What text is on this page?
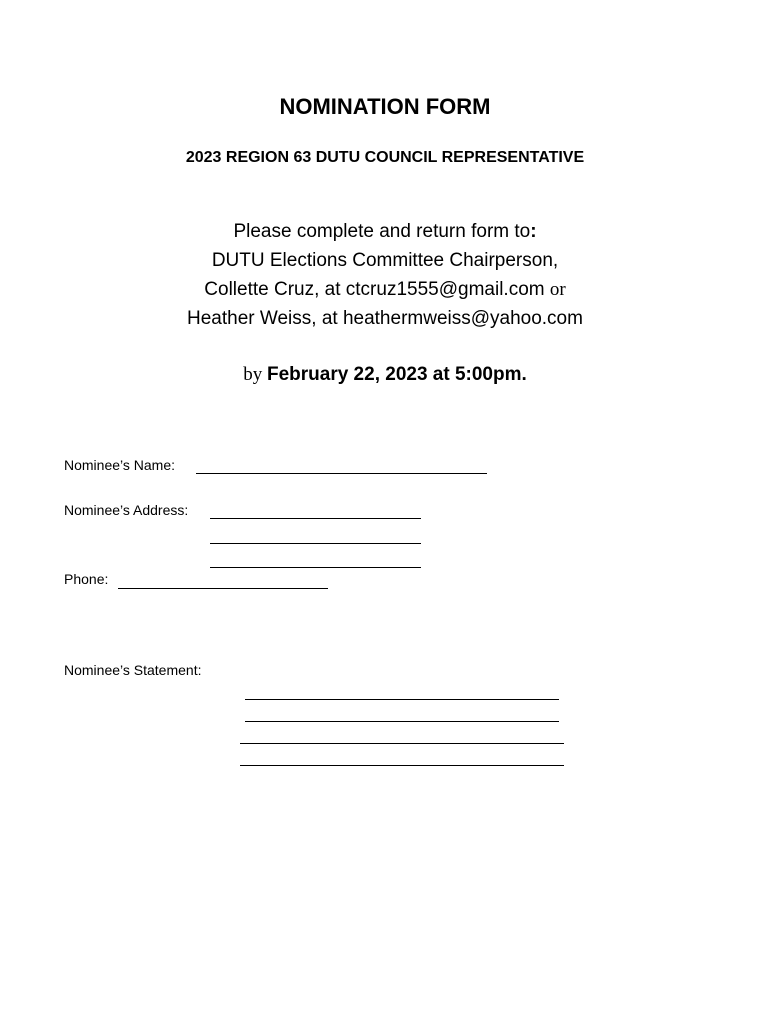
NOMINATION FORM
2023 REGION 63 DUTU COUNCIL REPRESENTATIVE
Please complete and return form to:
DUTU Elections Committee Chairperson,
Collette Cruz, at ctcruz1555@gmail.com or
Heather Weiss, at heathermweiss@yahoo.com
by February 22, 2023 at 5:00pm.
Nominee’s Name:
Nominee’s Address:
Phone:
Nominee’s Statement:
